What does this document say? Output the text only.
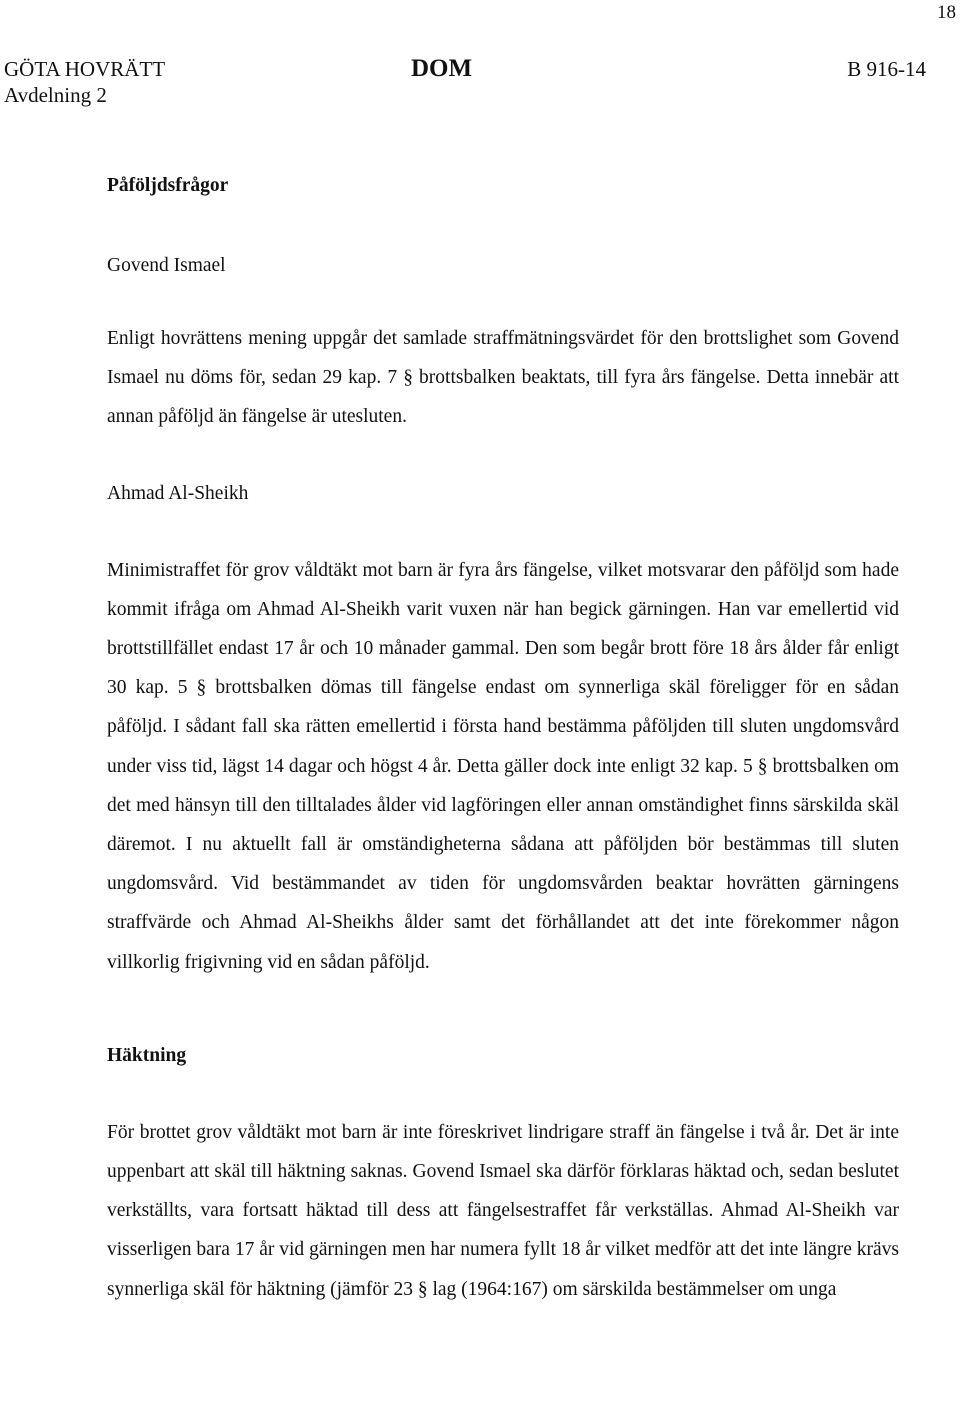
18
GÖTA HOVRÄTT
Avdelning 2
DOM	B 916-14

Påföljdsfrågor

Govend Ismael

Enligt hovrättens mening uppgår det samlade straffmätningsvärdet för den brottslighet som Govend Ismael nu döms för, sedan 29 kap. 7 § brottsbalken beaktats, till fyra års fängelse. Detta innebär att annan påföljd än fängelse är utesluten.

Ahmad Al-Sheikh

Minimistraffet för grov våldtäkt mot barn är fyra års fängelse, vilket motsvarar den påföljd som hade kommit ifråga om Ahmad Al-Sheikh varit vuxen när han begick gärningen. Han var emellertid vid brottstillfället endast 17 år och 10 månader gammal. Den som begår brott före 18 års ålder får enligt 30 kap. 5 § brottsbalken dömas till fängelse endast om synnerliga skäl föreligger för en sådan påföljd. I sådant fall ska rätten emellertid i första hand bestämma påföljden till sluten ungdomsvård under viss tid, lägst 14 dagar och högst 4 år. Detta gäller dock inte enligt 32 kap. 5 § brottsbalken om det med hänsyn till den tilltalades ålder vid lagföringen eller annan omständighet finns särskilda skäl däremot. I nu aktuellt fall är omständigheterna sådana att påföljden bör bestämmas till sluten ungdomsvård. Vid bestämmandet av tiden för ungdomsvården beaktar hovrätten gärningens straffvärde och Ahmad Al-Sheikhs ålder samt det förhållandet att det inte förekommer någon villkorlig frigivning vid en sådan påföljd.

Häktning

För brottet grov våldtäkt mot barn är inte föreskrivet lindrigare straff än fängelse i två år. Det är inte uppenbart att skäl till häktning saknas. Govend Ismael ska därför förklaras häktad och, sedan beslutet verkställts, vara fortsatt häktad till dess att fängelsestraffet får verkställas. Ahmad Al-Sheikh var visserligen bara 17 år vid gärningen men har numera fyllt 18 år vilket medför att det inte längre krävs synnerliga skäl för häktning (jämför 23 § lag (1964:167) om särskilda bestämmelser om unga
